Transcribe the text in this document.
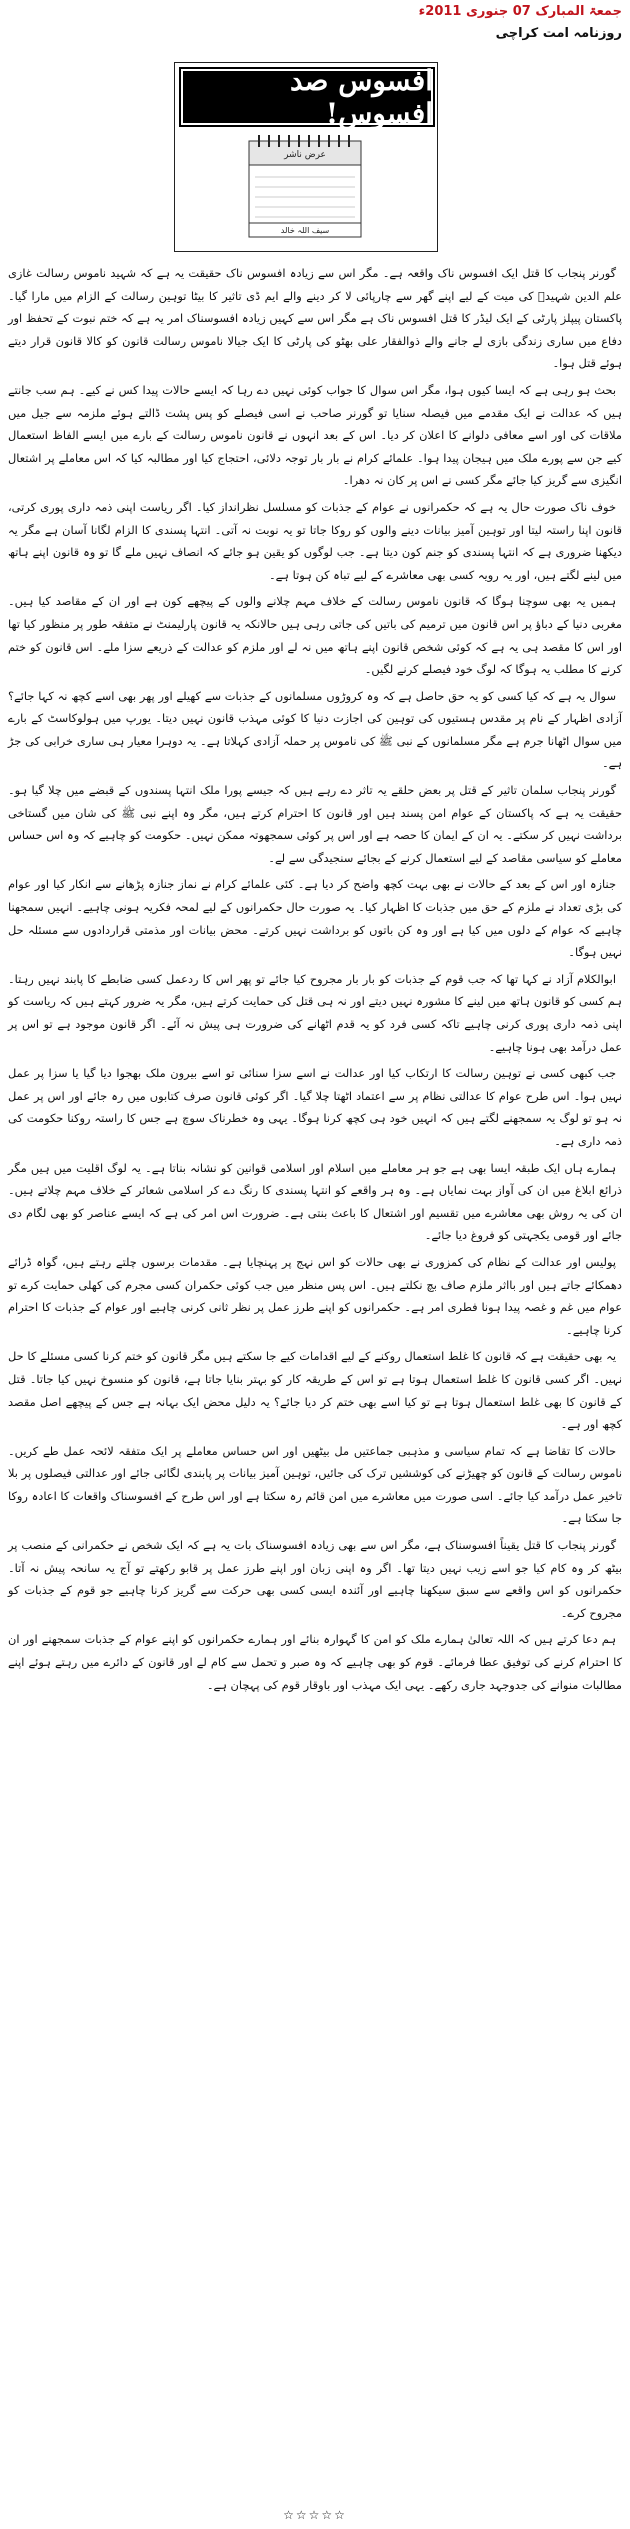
جمعۃ المبارک 07 جنوری 2011ء
روزنامہ امت کراچی
افسوس صد افسوس!
عرض ناشر
سیف اللہ خالد

گورنر پنجاب کا قتل ایک افسوس ناک واقعہ ہے۔ مگر اس سے زیادہ افسوس ناک حقیقت یہ ہے کہ شہید ناموس رسالت غازی علم الدین شہیدؒ کی میت کے لیے اپنے گھر سے چارپائی لا کر دینے والے ایم ڈی تاثیر کا بیٹا توہین رسالت کے الزام میں مارا گیا۔ پاکستان پیپلز پارٹی کے ایک لیڈر کا قتل افسوس ناک ہے مگر اس سے کہیں زیادہ افسوسناک امر یہ ہے کہ ختم نبوت کے تحفظ اور دفاع میں ساری زندگی بازی لے جانے والے ذوالفقار علی بھٹو کی پارٹی کا ایک جیالا ناموس رسالت قانون کو کالا قانون قرار دیتے ہوئے قتل ہوا۔

بحث ہو رہی ہے کہ ایسا کیوں ہوا، مگر اس سوال کا جواب کوئی نہیں دے رہا کہ ایسے حالات پیدا کس نے کیے۔ ہم سب جانتے ہیں کہ عدالت نے ایک مقدمے میں فیصلہ سنایا تو گورنر صاحب نے اسی فیصلے کو پس پشت ڈالتے ہوئے ملزمہ سے جیل میں ملاقات کی اور اسے معافی دلوانے کا اعلان کر دیا۔ اس کے بعد انہوں نے قانون ناموس رسالت کے بارے میں ایسے الفاظ استعمال کیے جن سے پورے ملک میں ہیجان پیدا ہوا۔ علمائے کرام نے بار بار توجہ دلائی، احتجاج کیا اور مطالبہ کیا کہ اس معاملے پر اشتعال انگیزی سے گریز کیا جائے مگر کسی نے اس پر کان نہ دھرا۔

خوف ناک صورت حال یہ ہے کہ حکمرانوں نے عوام کے جذبات کو مسلسل نظرانداز کیا۔ اگر ریاست اپنی ذمہ داری پوری کرتی، قانون اپنا راستہ لیتا اور توہین آمیز بیانات دینے والوں کو روکا جاتا تو یہ نوبت نہ آتی۔ انتہا پسندی کا الزام لگانا آسان ہے مگر یہ دیکھنا ضروری ہے کہ انتہا پسندی کو جنم کون دیتا ہے۔ جب لوگوں کو یقین ہو جائے کہ انصاف نہیں ملے گا تو وہ قانون اپنے ہاتھ میں لینے لگتے ہیں، اور یہ رویہ کسی بھی معاشرے کے لیے تباہ کن ہوتا ہے۔

ہمیں یہ بھی سوچنا ہوگا کہ قانون ناموس رسالت کے خلاف مہم چلانے والوں کے پیچھے کون ہے اور ان کے مقاصد کیا ہیں۔ مغربی دنیا کے دباؤ پر اس قانون میں ترمیم کی باتیں کی جاتی رہی ہیں حالانکہ یہ قانون پارلیمنٹ نے متفقہ طور پر منظور کیا تھا اور اس کا مقصد ہی یہ ہے کہ کوئی شخص قانون اپنے ہاتھ میں نہ لے اور ملزم کو عدالت کے ذریعے سزا ملے۔ اس قانون کو ختم کرنے کا مطلب یہ ہوگا کہ لوگ خود فیصلے کرنے لگیں۔

سوال یہ ہے کہ کیا کسی کو یہ حق حاصل ہے کہ وہ کروڑوں مسلمانوں کے جذبات سے کھیلے اور پھر بھی اسے کچھ نہ کہا جائے؟ آزادی اظہار کے نام پر مقدس ہستیوں کی توہین کی اجازت دنیا کا کوئی مہذب قانون نہیں دیتا۔ یورپ میں ہولوکاسٹ کے بارے میں سوال اٹھانا جرم ہے مگر مسلمانوں کے نبی ﷺ کی ناموس پر حملہ آزادی کہلاتا ہے۔ یہ دوہرا معیار ہی ساری خرابی کی جڑ ہے۔

گورنر پنجاب سلمان تاثیر کے قتل پر بعض حلقے یہ تاثر دے رہے ہیں کہ جیسے پورا ملک انتہا پسندوں کے قبضے میں چلا گیا ہو۔ حقیقت یہ ہے کہ پاکستان کے عوام امن پسند ہیں اور قانون کا احترام کرتے ہیں، مگر وہ اپنے نبی ﷺ کی شان میں گستاخی برداشت نہیں کر سکتے۔ یہ ان کے ایمان کا حصہ ہے اور اس پر کوئی سمجھوتہ ممکن نہیں۔ حکومت کو چاہیے کہ وہ اس حساس معاملے کو سیاسی مقاصد کے لیے استعمال کرنے کے بجائے سنجیدگی سے لے۔

جنازہ اور اس کے بعد کے حالات نے بھی بہت کچھ واضح کر دیا ہے۔ کئی علمائے کرام نے نماز جنازہ پڑھانے سے انکار کیا اور عوام کی بڑی تعداد نے ملزم کے حق میں جذبات کا اظہار کیا۔ یہ صورت حال حکمرانوں کے لیے لمحہ فکریہ ہونی چاہیے۔ انہیں سمجھنا چاہیے کہ عوام کے دلوں میں کیا ہے اور وہ کن باتوں کو برداشت نہیں کرتے۔ محض بیانات اور مذمتی قراردادوں سے مسئلہ حل نہیں ہوگا۔

ابوالکلام آزاد نے کہا تھا کہ جب قوم کے جذبات کو بار بار مجروح کیا جائے تو پھر اس کا ردعمل کسی ضابطے کا پابند نہیں رہتا۔ ہم کسی کو قانون ہاتھ میں لینے کا مشورہ نہیں دیتے اور نہ ہی قتل کی حمایت کرتے ہیں، مگر یہ ضرور کہتے ہیں کہ ریاست کو اپنی ذمہ داری پوری کرنی چاہیے تاکہ کسی فرد کو یہ قدم اٹھانے کی ضرورت ہی پیش نہ آئے۔ اگر قانون موجود ہے تو اس پر عمل درآمد بھی ہونا چاہیے۔

جب کبھی کسی نے توہین رسالت کا ارتکاب کیا اور عدالت نے اسے سزا سنائی تو اسے بیرون ملک بھجوا دیا گیا یا سزا پر عمل نہیں ہوا۔ اس طرح عوام کا عدالتی نظام پر سے اعتماد اٹھتا چلا گیا۔ اگر کوئی قانون صرف کتابوں میں رہ جائے اور اس پر عمل نہ ہو تو لوگ یہ سمجھنے لگتے ہیں کہ انہیں خود ہی کچھ کرنا ہوگا۔ یہی وہ خطرناک سوچ ہے جس کا راستہ روکنا حکومت کی ذمہ داری ہے۔

ہمارے ہاں ایک طبقہ ایسا بھی ہے جو ہر معاملے میں اسلام اور اسلامی قوانین کو نشانہ بناتا ہے۔ یہ لوگ اقلیت میں ہیں مگر ذرائع ابلاغ میں ان کی آواز بہت نمایاں ہے۔ وہ ہر واقعے کو انتہا پسندی کا رنگ دے کر اسلامی شعائر کے خلاف مہم چلاتے ہیں۔ ان کی یہ روش بھی معاشرے میں تقسیم اور اشتعال کا باعث بنتی ہے۔ ضرورت اس امر کی ہے کہ ایسے عناصر کو بھی لگام دی جائے اور قومی یکجہتی کو فروغ دیا جائے۔

پولیس اور عدالت کے نظام کی کمزوری نے بھی حالات کو اس نہج پر پہنچایا ہے۔ مقدمات برسوں چلتے رہتے ہیں، گواہ ڈرائے دھمکائے جاتے ہیں اور بااثر ملزم صاف بچ نکلتے ہیں۔ اس پس منظر میں جب کوئی حکمران کسی مجرم کی کھلی حمایت کرے تو عوام میں غم و غصہ پیدا ہونا فطری امر ہے۔ حکمرانوں کو اپنے طرز عمل پر نظر ثانی کرنی چاہیے اور عوام کے جذبات کا احترام کرنا چاہیے۔

یہ بھی حقیقت ہے کہ قانون کا غلط استعمال روکنے کے لیے اقدامات کیے جا سکتے ہیں مگر قانون کو ختم کرنا کسی مسئلے کا حل نہیں۔ اگر کسی قانون کا غلط استعمال ہوتا ہے تو اس کے طریقہ کار کو بہتر بنایا جاتا ہے، قانون کو منسوخ نہیں کیا جاتا۔ قتل کے قانون کا بھی غلط استعمال ہوتا ہے تو کیا اسے بھی ختم کر دیا جائے؟ یہ دلیل محض ایک بہانہ ہے جس کے پیچھے اصل مقصد کچھ اور ہے۔

حالات کا تقاضا ہے کہ تمام سیاسی و مذہبی جماعتیں مل بیٹھیں اور اس حساس معاملے پر ایک متفقہ لائحہ عمل طے کریں۔ ناموس رسالت کے قانون کو چھیڑنے کی کوششیں ترک کی جائیں، توہین آمیز بیانات پر پابندی لگائی جائے اور عدالتی فیصلوں پر بلا تاخیر عمل درآمد کیا جائے۔ اسی صورت میں معاشرے میں امن قائم رہ سکتا ہے اور اس طرح کے افسوسناک واقعات کا اعادہ روکا جا سکتا ہے۔

گورنر پنجاب کا قتل یقیناً افسوسناک ہے، مگر اس سے بھی زیادہ افسوسناک بات یہ ہے کہ ایک شخص نے حکمرانی کے منصب پر بیٹھ کر وہ کام کیا جو اسے زیب نہیں دیتا تھا۔ اگر وہ اپنی زبان اور اپنے طرز عمل پر قابو رکھتے تو آج یہ سانحہ پیش نہ آتا۔ حکمرانوں کو اس واقعے سے سبق سیکھنا چاہیے اور آئندہ ایسی کسی بھی حرکت سے گریز کرنا چاہیے جو قوم کے جذبات کو مجروح کرے۔

ہم دعا کرتے ہیں کہ اللہ تعالیٰ ہمارے ملک کو امن کا گہوارہ بنائے اور ہمارے حکمرانوں کو اپنے عوام کے جذبات سمجھنے اور ان کا احترام کرنے کی توفیق عطا فرمائے۔ قوم کو بھی چاہیے کہ وہ صبر و تحمل سے کام لے اور قانون کے دائرے میں رہتے ہوئے اپنے مطالبات منوانے کی جدوجہد جاری رکھے۔ یہی ایک مہذب اور باوقار قوم کی پہچان ہے۔

☆☆☆☆☆
